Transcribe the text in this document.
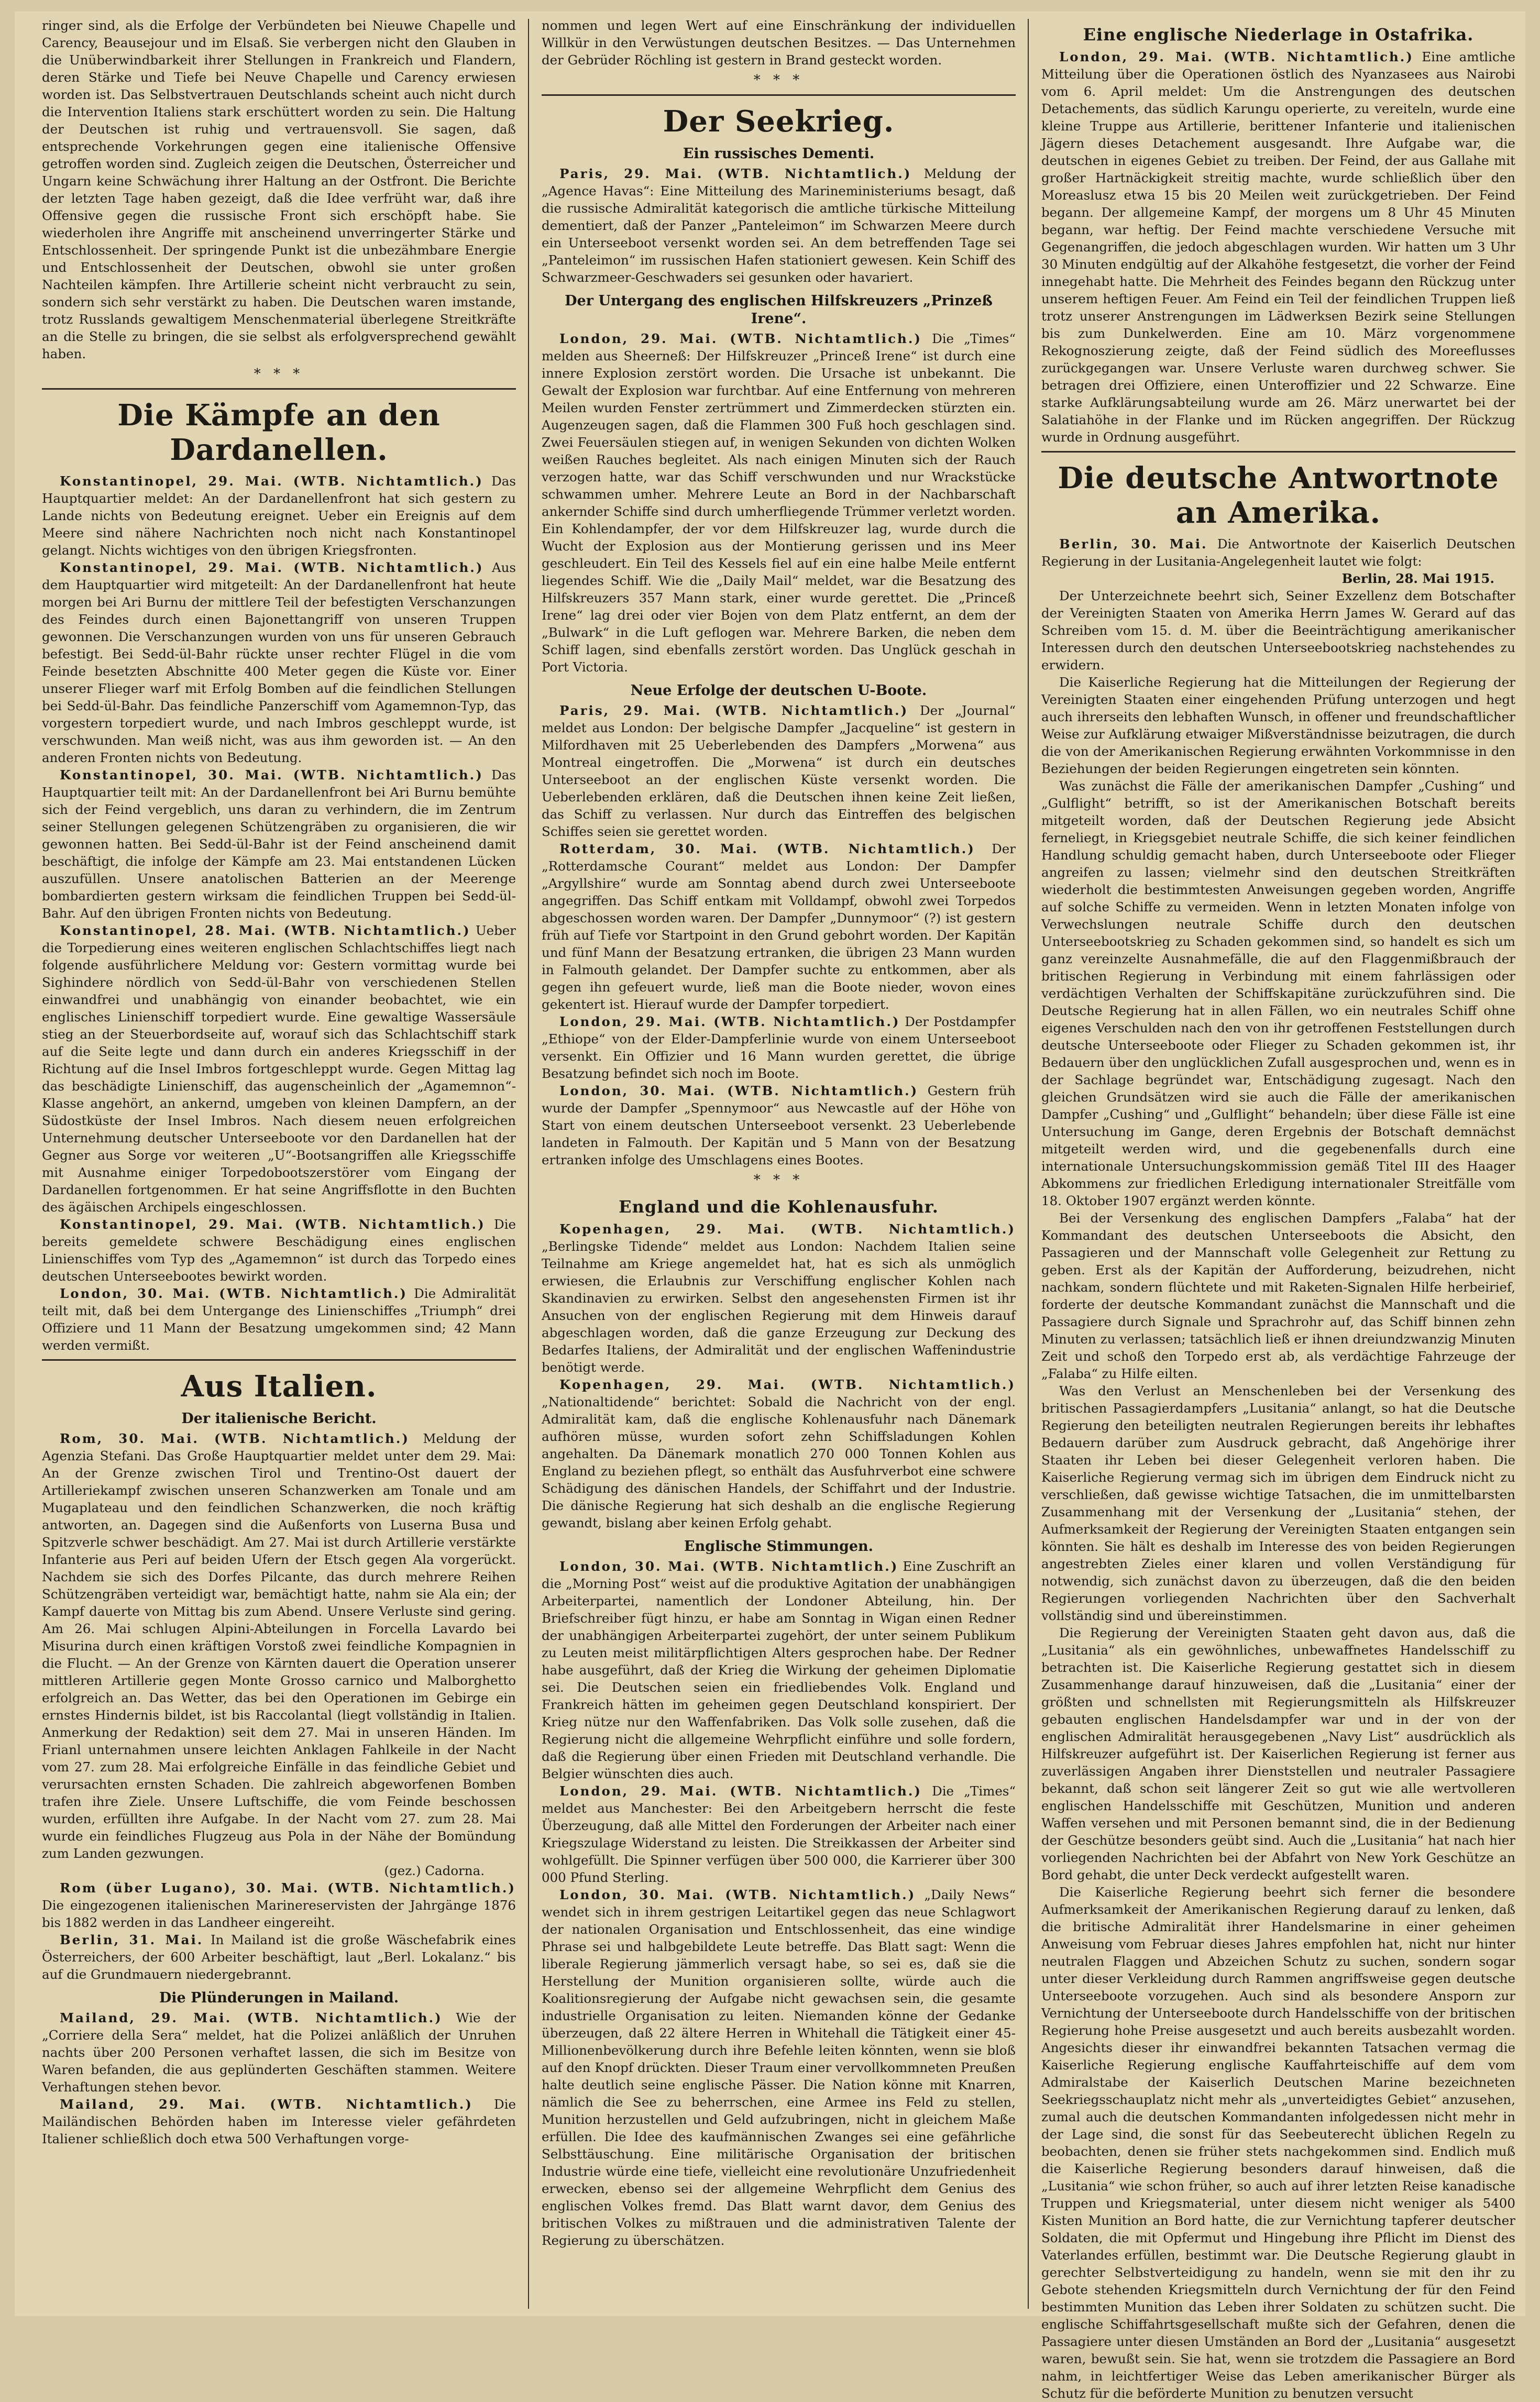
ringer sind, als die Erfolge der Verbündeten bei Nieuwe Chapelle und Carency, Beausejour und im Elsaß. Sie verbergen nicht den Glauben in die Unüberwindbarkeit ihrer Stellungen in Frankreich und Flandern, deren Stärke und Tiefe bei Neuve Chapelle und Carency erwiesen worden ist. Das Selbstvertrauen Deutschlands scheint auch nicht durch die Intervention Italiens stark erschüttert worden zu sein. Die Haltung der Deutschen ist ruhig und vertrauensvoll. Sie sagen, daß entsprechende Vorkehrungen gegen eine italienische Offensive getroffen worden sind. Zugleich zeigen die Deutschen, Österreicher und Ungarn keine Schwächung ihrer Haltung an der Ostfront. Die Berichte der letzten Tage haben gezeigt, daß die Idee verfrüht war, daß ihre Offensive gegen die russische Front sich erschöpft habe. Sie wiederholen ihre Angriffe mit anscheinend unverringerter Stärke und Entschlossenheit. Der springende Punkt ist die unbezähmbare Energie und Entschlossenheit der Deutschen, obwohl sie unter großen Nachteilen kämpfen. Ihre Artillerie scheint nicht verbraucht zu sein, sondern sich sehr verstärkt zu haben. Die Deutschen waren imstande, trotz Russlands gewaltigem Menschenmaterial überlegene Streitkräfte an die Stelle zu bringen, die sie selbst als erfolgversprechend gewählt haben.

* * *
Die Kämpfe an den Dardanellen.

Konstantinopel, 29. Mai. (WTB. Nichtamtlich.) Das Hauptquartier meldet: An der Dardanellenfront hat sich gestern zu Lande nichts von Bedeutung ereignet. Ueber ein Ereignis auf dem Meere sind nähere Nachrichten noch nicht nach Konstantinopel gelangt. Nichts wichtiges von den übrigen Kriegsfronten.

Konstantinopel, 29. Mai. (WTB. Nichtamtlich.) Aus dem Hauptquartier wird mitgeteilt: An der Dardanellenfront hat heute morgen bei Ari Burnu der mittlere Teil der befestigten Verschanzungen des Feindes durch einen Bajonettangriff von unseren Truppen gewonnen. Die Verschanzungen wurden von uns für unseren Gebrauch befestigt. Bei Sedd-ül-Bahr rückte unser rechter Flügel in die vom Feinde besetzten Abschnitte 400 Meter gegen die Küste vor. Einer unserer Flieger warf mit Erfolg Bomben auf die feindlichen Stellungen bei Sedd-ül-Bahr. Das feindliche Panzerschiff vom Agamemnon-Typ, das vorgestern torpediert wurde, und nach Imbros geschleppt wurde, ist verschwunden. Man weiß nicht, was aus ihm geworden ist. — An den anderen Fronten nichts von Bedeutung.

Konstantinopel, 30. Mai. (WTB. Nichtamtlich.) Das Hauptquartier teilt mit: An der Dardanellenfront bei Ari Burnu bemühte sich der Feind vergeblich, uns daran zu verhindern, die im Zentrum seiner Stellungen gelegenen Schützengräben zu organisieren, die wir gewonnen hatten. Bei Sedd-ül-Bahr ist der Feind anscheinend damit beschäftigt, die infolge der Kämpfe am 23. Mai entstandenen Lücken auszufüllen. Unsere anatolischen Batterien an der Meerenge bombardierten gestern wirksam die feindlichen Truppen bei Sedd-ül-Bahr. Auf den übrigen Fronten nichts von Bedeutung.

Konstantinopel, 28. Mai. (WTB. Nichtamtlich.) Ueber die Torpedierung eines weiteren englischen Schlachtschiffes liegt nach folgende ausführlichere Meldung vor: Gestern vormittag wurde bei Sighindere nördlich von Sedd-ül-Bahr von verschiedenen Stellen einwandfrei und unabhängig von einander beobachtet, wie ein englisches Linienschiff torpediert wurde. Eine gewaltige Wassersäule stieg an der Steuerbordseite auf, worauf sich das Schlachtschiff stark auf die Seite legte und dann durch ein anderes Kriegsschiff in der Richtung auf die Insel Imbros fortgeschleppt wurde. Gegen Mittag lag das beschädigte Linienschiff, das augenscheinlich der „Agamemnon“-Klasse angehört, an ankernd, umgeben von kleinen Dampfern, an der Südostküste der Insel Imbros. Nach diesem neuen erfolgreichen Unternehmung deutscher Unterseeboote vor den Dardanellen hat der Gegner aus Sorge vor weiteren „U“-Bootsangriffen alle Kriegsschiffe mit Ausnahme einiger Torpedobootszerstörer vom Eingang der Dardanellen fortgenommen. Er hat seine Angriffsflotte in den Buchten des ägäischen Archipels eingeschlossen.

Konstantinopel, 29. Mai. (WTB. Nichtamtlich.) Die bereits gemeldete schwere Beschädigung eines englischen Linienschiffes vom Typ des „Agamemnon“ ist durch das Torpedo eines deutschen Unterseebootes bewirkt worden.

London, 30. Mai. (WTB. Nichtamtlich.) Die Admiralität teilt mit, daß bei dem Untergange des Linienschiffes „Triumph“ drei Offiziere und 11 Mann der Besatzung umgekommen sind; 42 Mann werden vermißt.

Aus Italien.
Der italienische Bericht.

Rom, 30. Mai. (WTB. Nichtamtlich.) Meldung der Agenzia Stefani. Das Große Hauptquartier meldet unter dem 29. Mai: An der Grenze zwischen Tirol und Trentino-Ost dauert der Artilleriekampf zwischen unseren Schanzwerken am Tonale und am Mugaplateau und den feindlichen Schanzwerken, die noch kräftig antworten, an. Dagegen sind die Außenforts von Luserna Busa und Spitzverle schwer beschädigt. Am 27. Mai ist durch Artillerie verstärkte Infanterie aus Peri auf beiden Ufern der Etsch gegen Ala vorgerückt. Nachdem sie sich des Dorfes Pilcante, das durch mehrere Reihen Schützengräben verteidigt war, bemächtigt hatte, nahm sie Ala ein; der Kampf dauerte von Mittag bis zum Abend. Unsere Verluste sind gering. Am 26. Mai schlugen Alpini-Abteilungen in Forcella Lavardo bei Misurina durch einen kräftigen Vorstoß zwei feindliche Kompagnien in die Flucht. — An der Grenze von Kärnten dauert die Operation unserer mittleren Artillerie gegen Monte Grosso carnico und Malborghetto erfolgreich an. Das Wetter, das bei den Operationen im Gebirge ein ernstes Hindernis bildet, ist bis Raccolantal (liegt vollständig in Italien. Anmerkung der Redaktion) seit dem 27. Mai in unseren Händen. Im Frianl unternahmen unsere leichten Anklagen Fahlkeile in der Nacht vom 27. zum 28. Mai erfolgreiche Einfälle in das feindliche Gebiet und verursachten ernsten Schaden. Die zahlreich abgeworfenen Bomben trafen ihre Ziele. Unsere Luftschiffe, die vom Feinde beschossen wurden, erfüllten ihre Aufgabe. In der Nacht vom 27. zum 28. Mai wurde ein feindliches Flugzeug aus Pola in der Nähe der Bomündung zum Landen gezwungen.

(gez.) Cadorna.

Rom (über Lugano), 30. Mai. (WTB. Nichtamtlich.) Die eingezogenen italienischen Marinereservisten der Jahrgänge 1876 bis 1882 werden in das Landheer eingereiht.

Berlin, 31. Mai. In Mailand ist die große Wäschefabrik eines Österreichers, der 600 Arbeiter beschäftigt, laut „Berl. Lokalanz.“ bis auf die Grundmauern niedergebrannt.

Die Plünderungen in Mailand.

Mailand, 29. Mai. (WTB. Nichtamtlich.) Wie der „Corriere della Sera“ meldet, hat die Polizei anläßlich der Unruhen nachts über 200 Personen verhaftet lassen, die sich im Besitze von Waren befanden, die aus geplünderten Geschäften stammen. Weitere Verhaftungen stehen bevor.

Mailand, 29. Mai. (WTB. Nichtamtlich.) Die Mailändischen Behörden haben im Interesse vieler gefährdeten Italiener schließlich doch etwa 500 Verhaftungen vorge-

nommen und legen Wert auf eine Einschränkung der individuellen Willkür in den Verwüstungen deutschen Besitzes. — Das Unternehmen der Gebrüder Röchling ist gestern in Brand gesteckt worden.

* * *
Der Seekrieg.
Ein russisches Dementi.

Paris, 29. Mai. (WTB. Nichtamtlich.) Meldung der „Agence Havas“: Eine Mitteilung des Marineministeriums besagt, daß die russische Admiralität kategorisch die amtliche türkische Mitteilung dementiert, daß der Panzer „Panteleimon“ im Schwarzen Meere durch ein Unterseeboot versenkt worden sei. An dem betreffenden Tage sei „Panteleimon“ im russischen Hafen stationiert gewesen. Kein Schiff des Schwarzmeer-Geschwaders sei gesunken oder havariert.

Der Untergang des englischen Hilfskreuzers „Prinzeß Irene“.

London, 29. Mai. (WTB. Nichtamtlich.) Die „Times“ melden aus Sheerneß: Der Hilfskreuzer „Princeß Irene“ ist durch eine innere Explosion zerstört worden. Die Ursache ist unbekannt. Die Gewalt der Explosion war furchtbar. Auf eine Entfernung von mehreren Meilen wurden Fenster zertrümmert und Zimmerdecken stürzten ein. Augenzeugen sagen, daß die Flammen 300 Fuß hoch geschlagen sind. Zwei Feuersäulen stiegen auf, in wenigen Sekunden von dichten Wolken weißen Rauches begleitet. Als nach einigen Minuten sich der Rauch verzogen hatte, war das Schiff verschwunden und nur Wrackstücke schwammen umher. Mehrere Leute an Bord in der Nachbarschaft ankernder Schiffe sind durch umherfliegende Trümmer verletzt worden. Ein Kohlendampfer, der vor dem Hilfskreuzer lag, wurde durch die Wucht der Explosion aus der Montierung gerissen und ins Meer geschleudert. Ein Teil des Kessels fiel auf ein eine halbe Meile entfernt liegendes Schiff. Wie die „Daily Mail“ meldet, war die Besatzung des Hilfskreuzers 357 Mann stark, einer wurde gerettet. Die „Princeß Irene“ lag drei oder vier Bojen von dem Platz entfernt, an dem der „Bulwark“ in die Luft geflogen war. Mehrere Barken, die neben dem Schiff lagen, sind ebenfalls zerstört worden. Das Unglück geschah in Port Victoria.

Neue Erfolge der deutschen U-Boote.

Paris, 29. Mai. (WTB. Nichtamtlich.) Der „Journal“ meldet aus London: Der belgische Dampfer „Jacqueline“ ist gestern in Milfordhaven mit 25 Ueberlebenden des Dampfers „Morwena“ aus Montreal eingetroffen. Die „Morwena“ ist durch ein deutsches Unterseeboot an der englischen Küste versenkt worden. Die Ueberlebenden erklären, daß die Deutschen ihnen keine Zeit ließen, das Schiff zu verlassen. Nur durch das Eintreffen des belgischen Schiffes seien sie gerettet worden.

Rotterdam, 30. Mai. (WTB. Nichtamtlich.) Der „Rotterdamsche Courant“ meldet aus London: Der Dampfer „Argyllshire“ wurde am Sonntag abend durch zwei Unterseeboote angegriffen. Das Schiff entkam mit Volldampf, obwohl zwei Torpedos abgeschossen worden waren. Der Dampfer „Dunnymoor“ (?) ist gestern früh auf Tiefe vor Startpoint in den Grund gebohrt worden. Der Kapitän und fünf Mann der Besatzung ertranken, die übrigen 23 Mann wurden in Falmouth gelandet. Der Dampfer suchte zu entkommen, aber als gegen ihn gefeuert wurde, ließ man die Boote nieder, wovon eines gekentert ist. Hierauf wurde der Dampfer torpediert.

London, 29. Mai. (WTB. Nichtamtlich.) Der Postdampfer „Ethiope“ von der Elder-Dampferlinie wurde von einem Unterseeboot versenkt. Ein Offizier und 16 Mann wurden gerettet, die übrige Besatzung befindet sich noch im Boote.

London, 30. Mai. (WTB. Nichtamtlich.) Gestern früh wurde der Dampfer „Spennymoor“ aus Newcastle auf der Höhe von Start von einem deutschen Unterseeboot versenkt. 23 Ueberlebende landeten in Falmouth. Der Kapitän und 5 Mann von der Besatzung ertranken infolge des Umschlagens eines Bootes.

* * *
England und die Kohlenausfuhr.

Kopenhagen, 29. Mai. (WTB. Nichtamtlich.) „Berlingske Tidende“ meldet aus London: Nachdem Italien seine Teilnahme am Kriege angemeldet hat, hat es sich als unmöglich erwiesen, die Erlaubnis zur Verschiffung englischer Kohlen nach Skandinavien zu erwirken. Selbst den angesehensten Firmen ist ihr Ansuchen von der englischen Regierung mit dem Hinweis darauf abgeschlagen worden, daß die ganze Erzeugung zur Deckung des Bedarfes Italiens, der Admiralität und der englischen Waffenindustrie benötigt werde.

Kopenhagen, 29. Mai. (WTB. Nichtamtlich.) „Nationaltidende“ berichtet: Sobald die Nachricht von der engl. Admiralität kam, daß die englische Kohlenausfuhr nach Dänemark aufhören müsse, wurden sofort zehn Schiffsladungen Kohlen angehalten. Da Dänemark monatlich 270 000 Tonnen Kohlen aus England zu beziehen pflegt, so enthält das Ausfuhrverbot eine schwere Schädigung des dänischen Handels, der Schiffahrt und der Industrie. Die dänische Regierung hat sich deshalb an die englische Regierung gewandt, bislang aber keinen Erfolg gehabt.

Englische Stimmungen.

London, 30. Mai. (WTB. Nichtamtlich.) Eine Zuschrift an die „Morning Post“ weist auf die produktive Agitation der unabhängigen Arbeiterpartei, namentlich der Londoner Abteilung, hin. Der Briefschreiber fügt hinzu, er habe am Sonntag in Wigan einen Redner der unabhängigen Arbeiterpartei zugehört, der unter seinem Publikum zu Leuten meist militärpflichtigen Alters gesprochen habe. Der Redner habe ausgeführt, daß der Krieg die Wirkung der geheimen Diplomatie sei. Die Deutschen seien ein friedliebendes Volk. England und Frankreich hätten im geheimen gegen Deutschland konspiriert. Der Krieg nütze nur den Waffenfabriken. Das Volk solle zusehen, daß die Regierung nicht die allgemeine Wehrpflicht einführe und solle fordern, daß die Regierung über einen Frieden mit Deutschland verhandle. Die Belgier wünschten dies auch.

London, 29. Mai. (WTB. Nichtamtlich.) Die „Times“ meldet aus Manchester: Bei den Arbeitgebern herrscht die feste Überzeugung, daß alle Mittel den Forderungen der Arbeiter nach einer Kriegszulage Widerstand zu leisten. Die Streikkassen der Arbeiter sind wohlgefüllt. Die Spinner verfügen über 500 000, die Karrierer über 300 000 Pfund Sterling.

London, 30. Mai. (WTB. Nichtamtlich.) „Daily News“ wendet sich in ihrem gestrigen Leitartikel gegen das neue Schlagwort der nationalen Organisation und Entschlossenheit, das eine windige Phrase sei und halbgebildete Leute betreffe. Das Blatt sagt: Wenn die liberale Regierung jämmerlich versagt habe, so sei es, daß sie die Herstellung der Munition organisieren sollte, würde auch die Koalitionsregierung der Aufgabe nicht gewachsen sein, die gesamte industrielle Organisation zu leiten. Niemanden könne der Gedanke überzeugen, daß 22 ältere Herren in Whitehall die Tätigkeit einer 45-Millionenbevölkerung durch ihre Befehle leiten könnten, wenn sie bloß auf den Knopf drückten. Dieser Traum einer vervollkommneten Preußen halte deutlich seine englische Pässer. Die Nation könne mit Knarren, nämlich die See zu beherrschen, eine Armee ins Feld zu stellen, Munition herzustellen und Geld aufzubringen, nicht in gleichem Maße erfüllen. Die Idee des kaufmännischen Zwanges sei eine gefährliche Selbsttäuschung. Eine militärische Organisation der britischen Industrie würde eine tiefe, vielleicht eine revolutionäre Unzufriedenheit erwecken, ebenso sei der allgemeine Wehrpflicht dem Genius des englischen Volkes fremd. Das Blatt warnt davor, dem Genius des britischen Volkes zu mißtrauen und die administrativen Talente der Regierung zu überschätzen.

Eine englische Niederlage in Ostafrika.

London, 29. Mai. (WTB. Nichtamtlich.) Eine amtliche Mitteilung über die Operationen östlich des Nyanzasees aus Nairobi vom 6. April meldet: Um die Anstrengungen des deutschen Detachements, das südlich Karungu operierte, zu vereiteln, wurde eine kleine Truppe aus Artillerie, berittener Infanterie und italienischen Jägern dieses Detachement ausgesandt. Ihre Aufgabe war, die deutschen in eigenes Gebiet zu treiben. Der Feind, der aus Gallahe mit großer Hartnäckigkeit streitig machte, wurde schließlich über den Moreaslusz etwa 15 bis 20 Meilen weit zurückgetrieben. Der Feind begann. Der allgemeine Kampf, der morgens um 8 Uhr 45 Minuten begann, war heftig. Der Feind machte verschiedene Versuche mit Gegenangriffen, die jedoch abgeschlagen wurden. Wir hatten um 3 Uhr 30 Minuten endgültig auf der Alkahöhe festgesetzt, die vorher der Feind innegehabt hatte. Die Mehrheit des Feindes begann den Rückzug unter unserem heftigen Feuer. Am Feind ein Teil der feindlichen Truppen ließ trotz unserer Anstrengungen im Lädwerksen Bezirk seine Stellungen bis zum Dunkelwerden. Eine am 10. März vorgenommene Rekognoszierung zeigte, daß der Feind südlich des Moreeflusses zurückgegangen war. Unsere Verluste waren durchweg schwer. Sie betragen drei Offiziere, einen Unteroffizier und 22 Schwarze. Eine starke Aufklärungsabteilung wurde am 26. März unerwartet bei der Salatiahöhe in der Flanke und im Rücken angegriffen. Der Rückzug wurde in Ordnung ausgeführt.

Die deutsche Antwortnote an Amerika.

Berlin, 30. Mai. Die Antwortnote der Kaiserlich Deutschen Regierung in der Lusitania-Angelegenheit lautet wie folgt:

Berlin, 28. Mai 1915.

Der Unterzeichnete beehrt sich, Seiner Exzellenz dem Botschafter der Vereinigten Staaten von Amerika Herrn James W. Gerard auf das Schreiben vom 15. d. M. über die Beeinträchtigung amerikanischer Interessen durch den deutschen Unterseebootskrieg nachstehendes zu erwidern.

Die Kaiserliche Regierung hat die Mitteilungen der Regierung der Vereinigten Staaten einer eingehenden Prüfung unterzogen und hegt auch ihrerseits den lebhaften Wunsch, in offener und freundschaftlicher Weise zur Aufklärung etwaiger Mißverständnisse beizutragen, die durch die von der Amerikanischen Regierung erwähnten Vorkommnisse in den Beziehungen der beiden Regierungen eingetreten sein könnten.

Was zunächst die Fälle der amerikanischen Dampfer „Cushing“ und „Gulflight“ betrifft, so ist der Amerikanischen Botschaft bereits mitgeteilt worden, daß der Deutschen Regierung jede Absicht ferneliegt, in Kriegsgebiet neutrale Schiffe, die sich keiner feindlichen Handlung schuldig gemacht haben, durch Unterseeboote oder Flieger angreifen zu lassen; vielmehr sind den deutschen Streitkräften wiederholt die bestimmtesten Anweisungen gegeben worden, Angriffe auf solche Schiffe zu vermeiden. Wenn in letzten Monaten infolge von Verwechslungen neutrale Schiffe durch den deutschen Unterseebootskrieg zu Schaden gekommen sind, so handelt es sich um ganz vereinzelte Ausnahmefälle, die auf den Flaggenmißbrauch der britischen Regierung in Verbindung mit einem fahrlässigen oder verdächtigen Verhalten der Schiffskapitäne zurückzuführen sind. Die Deutsche Regierung hat in allen Fällen, wo ein neutrales Schiff ohne eigenes Verschulden nach den von ihr getroffenen Feststellungen durch deutsche Unterseeboote oder Flieger zu Schaden gekommen ist, ihr Bedauern über den unglücklichen Zufall ausgesprochen und, wenn es in der Sachlage begründet war, Entschädigung zugesagt. Nach den gleichen Grundsätzen wird sie auch die Fälle der amerikanischen Dampfer „Cushing“ und „Gulflight“ behandeln; über diese Fälle ist eine Untersuchung im Gange, deren Ergebnis der Botschaft demnächst mitgeteilt werden wird, und die gegebenenfalls durch eine internationale Untersuchungskommission gemäß Titel III des Haager Abkommens zur friedlichen Erledigung internationaler Streitfälle vom 18. Oktober 1907 ergänzt werden könnte.

Bei der Versenkung des englischen Dampfers „Falaba“ hat der Kommandant des deutschen Unterseeboots die Absicht, den Passagieren und der Mannschaft volle Gelegenheit zur Rettung zu geben. Erst als der Kapitän der Aufforderung, beizudrehen, nicht nachkam, sondern flüchtete und mit Raketen-Signalen Hilfe herbeirief, forderte der deutsche Kommandant zunächst die Mannschaft und die Passagiere durch Signale und Sprachrohr auf, das Schiff binnen zehn Minuten zu verlassen; tatsächlich ließ er ihnen dreiundzwanzig Minuten Zeit und schoß den Torpedo erst ab, als verdächtige Fahrzeuge der „Falaba“ zu Hilfe eilten.

Was den Verlust an Menschenleben bei der Versenkung des britischen Passagierdampfers „Lusitania“ anlangt, so hat die Deutsche Regierung den beteiligten neutralen Regierungen bereits ihr lebhaftes Bedauern darüber zum Ausdruck gebracht, daß Angehörige ihrer Staaten ihr Leben bei dieser Gelegenheit verloren haben. Die Kaiserliche Regierung vermag sich im übrigen dem Eindruck nicht zu verschließen, daß gewisse wichtige Tatsachen, die im unmittelbarsten Zusammenhang mit der Versenkung der „Lusitania“ stehen, der Aufmerksamkeit der Regierung der Vereinigten Staaten entgangen sein könnten. Sie hält es deshalb im Interesse des von beiden Regierungen angestrebten Zieles einer klaren und vollen Verständigung für notwendig, sich zunächst davon zu überzeugen, daß die den beiden Regierungen vorliegenden Nachrichten über den Sachverhalt vollständig sind und übereinstimmen.

Die Regierung der Vereinigten Staaten geht davon aus, daß die „Lusitania“ als ein gewöhnliches, unbewaffnetes Handelsschiff zu betrachten ist. Die Kaiserliche Regierung gestattet sich in diesem Zusammenhange darauf hinzuweisen, daß die „Lusitania“ einer der größten und schnellsten mit Regierungsmitteln als Hilfskreuzer gebauten englischen Handelsdampfer war und in der von der englischen Admiralität herausgegebenen „Navy List“ ausdrücklich als Hilfskreuzer aufgeführt ist. Der Kaiserlichen Regierung ist ferner aus zuverlässigen Angaben ihrer Dienststellen und neutraler Passagiere bekannt, daß schon seit längerer Zeit so gut wie alle wertvolleren englischen Handelsschiffe mit Geschützen, Munition und anderen Waffen versehen und mit Personen bemannt sind, die in der Bedienung der Geschütze besonders geübt sind. Auch die „Lusitania“ hat nach hier vorliegenden Nachrichten bei der Abfahrt von New York Geschütze an Bord gehabt, die unter Deck verdeckt aufgestellt waren.

Die Kaiserliche Regierung beehrt sich ferner die besondere Aufmerksamkeit der Amerikanischen Regierung darauf zu lenken, daß die britische Admiralität ihrer Handelsmarine in einer geheimen Anweisung vom Februar dieses Jahres empfohlen hat, nicht nur hinter neutralen Flaggen und Abzeichen Schutz zu suchen, sondern sogar unter dieser Verkleidung durch Rammen angriffsweise gegen deutsche Unterseeboote vorzugehen. Auch sind als besondere Ansporn zur Vernichtung der Unterseeboote durch Handelsschiffe von der britischen Regierung hohe Preise ausgesetzt und auch bereits ausbezahlt worden. Angesichts dieser ihr einwandfrei bekannten Tatsachen vermag die Kaiserliche Regierung englische Kauffahrteischiffe auf dem vom Admiralstabe der Kaiserlich Deutschen Marine bezeichneten Seekriegsschauplatz nicht mehr als „unverteidigtes Gebiet“ anzusehen, zumal auch die deutschen Kommandanten infolgedessen nicht mehr in der Lage sind, die sonst für das Seebeuterecht üblichen Regeln zu beobachten, denen sie früher stets nachgekommen sind. Endlich muß die Kaiserliche Regierung besonders darauf hinweisen, daß die „Lusitania“ wie schon früher, so auch auf ihrer letzten Reise kanadische Truppen und Kriegsmaterial, unter diesem nicht weniger als 5400 Kisten Munition an Bord hatte, die zur Vernichtung tapferer deutscher Soldaten, die mit Opfermut und Hingebung ihre Pflicht im Dienst des Vaterlandes erfüllen, bestimmt war. Die Deutsche Regierung glaubt in gerechter Selbstverteidigung zu handeln, wenn sie mit den ihr zu Gebote stehenden Kriegsmitteln durch Vernichtung der für den Feind bestimmten Munition das Leben ihrer Soldaten zu schützen sucht. Die englische Schiffahrtsgesellschaft mußte sich der Gefahren, denen die Passagiere unter diesen Umständen an Bord der „Lusitania“ ausgesetzt waren, bewußt sein. Sie hat, wenn sie trotzdem die Passagiere an Bord nahm, in leichtfertiger Weise das Leben amerikanischer Bürger als Schutz für die beförderte Munition zu benutzen versucht
